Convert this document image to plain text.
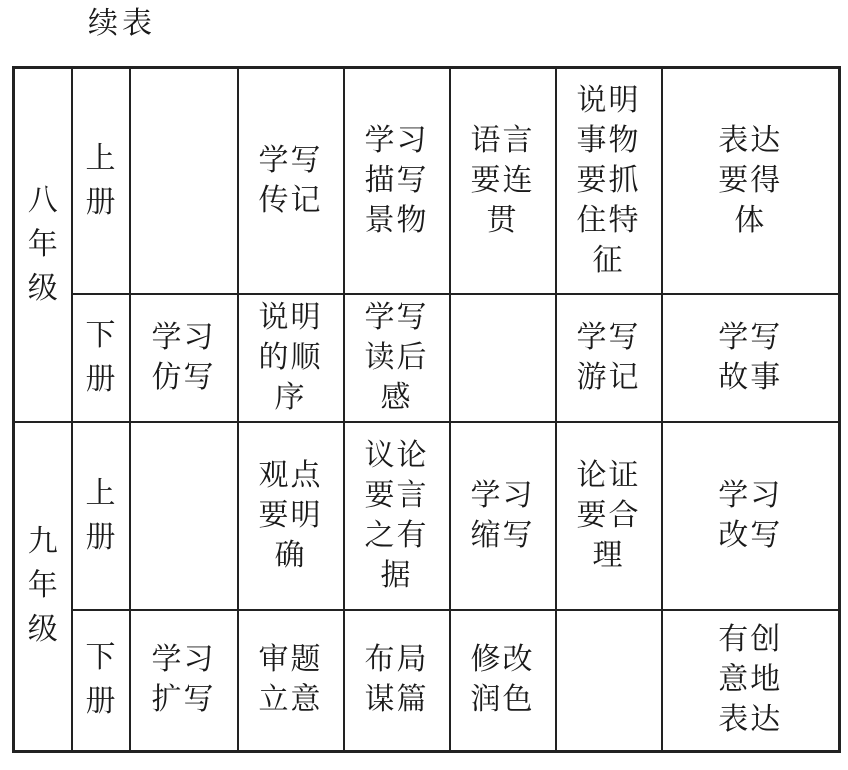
续表
八年级	上册		学写传记	学习描写景物	语言要连贯	说明事物要抓住特征	表达要得体
	下册	学习仿写	说明的顺序	学写读后感		学写游记	学写故事
九年级	上册		观点要明确	议论要言之有据	学习缩写	论证要合理	学习改写
	下册	学习扩写	审题立意	布局谋篇	修改润色		有创意地表达
